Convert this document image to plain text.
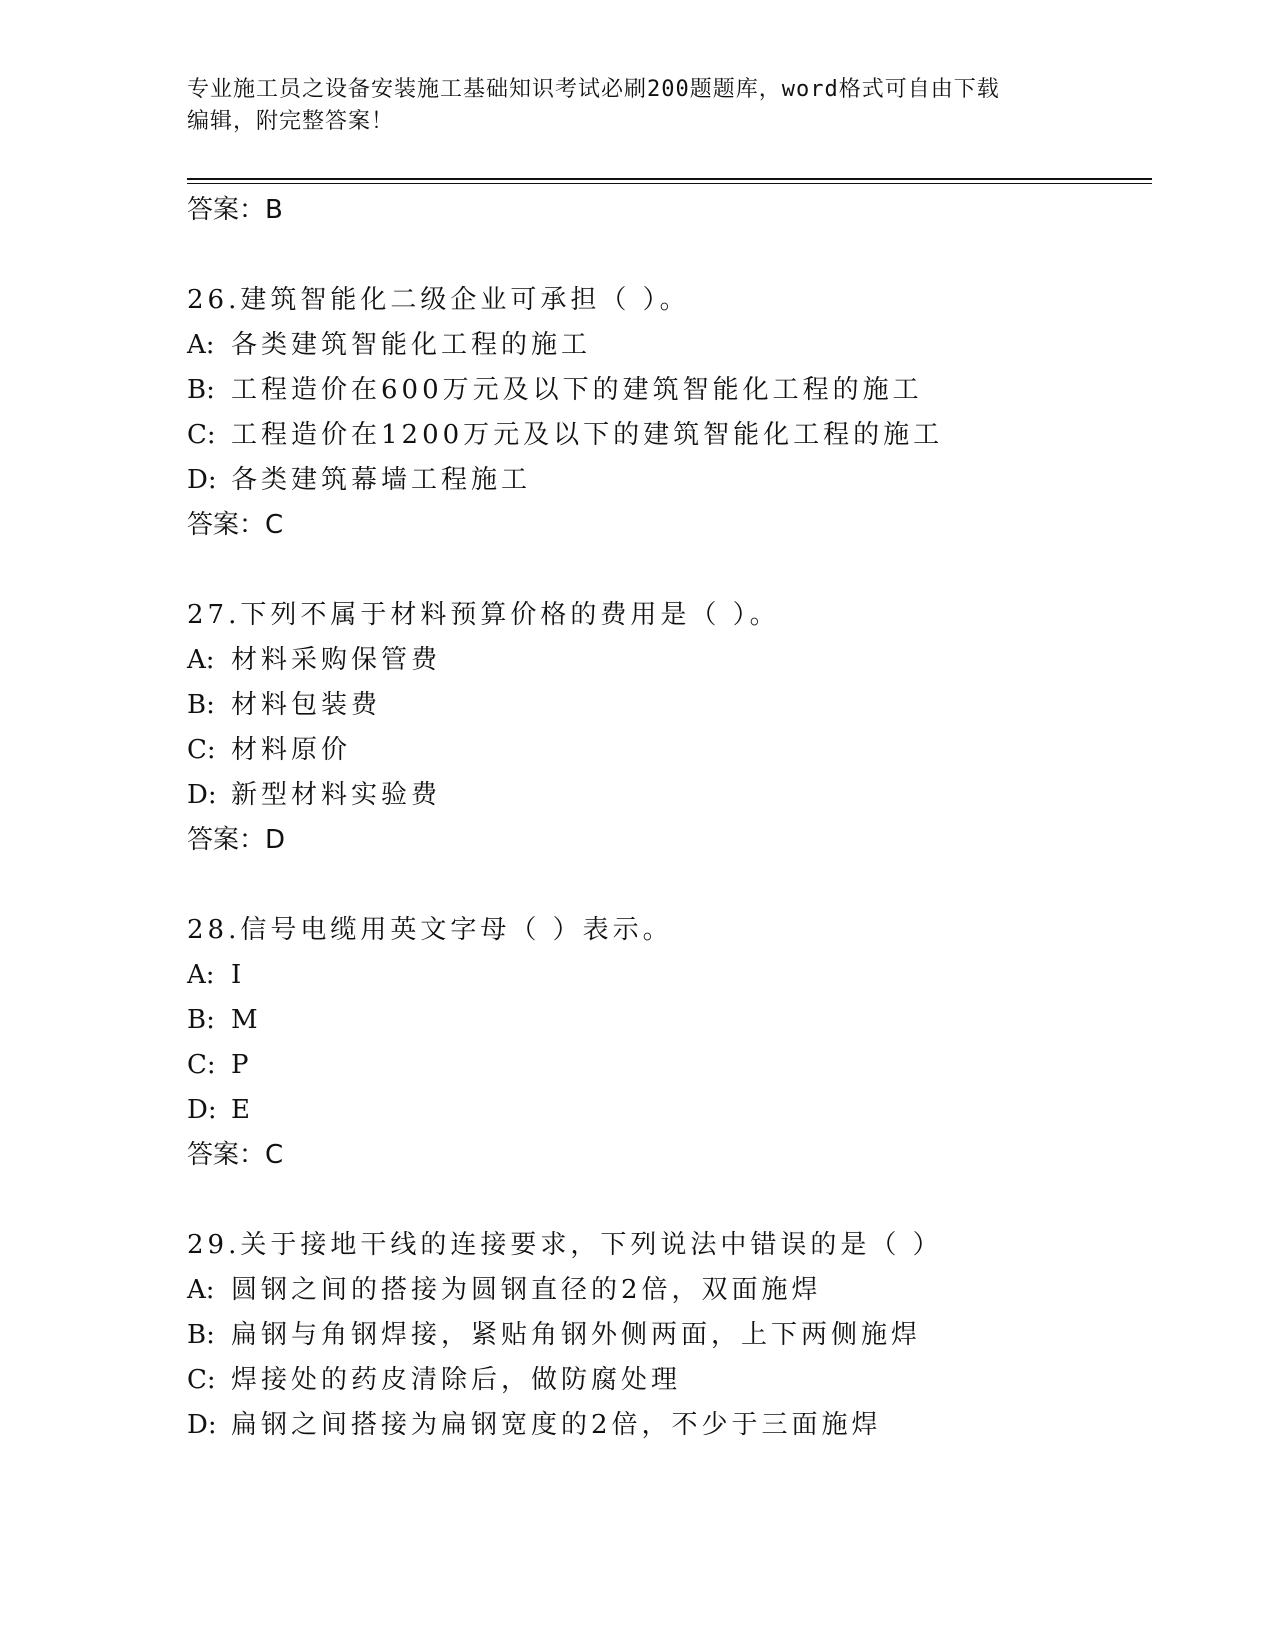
专业施工员之设备安装施工基础知识考试必刷200题题库，word格式可自由下载
编辑，附完整答案！
答案：B
26.建筑智能化二级企业可承担（ ）。
A: 各类建筑智能化工程的施工
B: 工程造价在600万元及以下的建筑智能化工程的施工
C: 工程造价在1200万元及以下的建筑智能化工程的施工
D: 各类建筑幕墙工程施工
答案：C
27.下列不属于材料预算价格的费用是（ ）。
A: 材料采购保管费
B: 材料包装费
C: 材料原价
D: 新型材料实验费
答案：D
28.信号电缆用英文字母（ ）表示。
A: I
B: M
C: P
D: E
答案：C
29.关于接地干线的连接要求，下列说法中错误的是（ ）
A: 圆钢之间的搭接为圆钢直径的2倍，双面施焊
B: 扁钢与角钢焊接，紧贴角钢外侧两面，上下两侧施焊
C: 焊接处的药皮清除后，做防腐处理
D: 扁钢之间搭接为扁钢宽度的2倍，不少于三面施焊
